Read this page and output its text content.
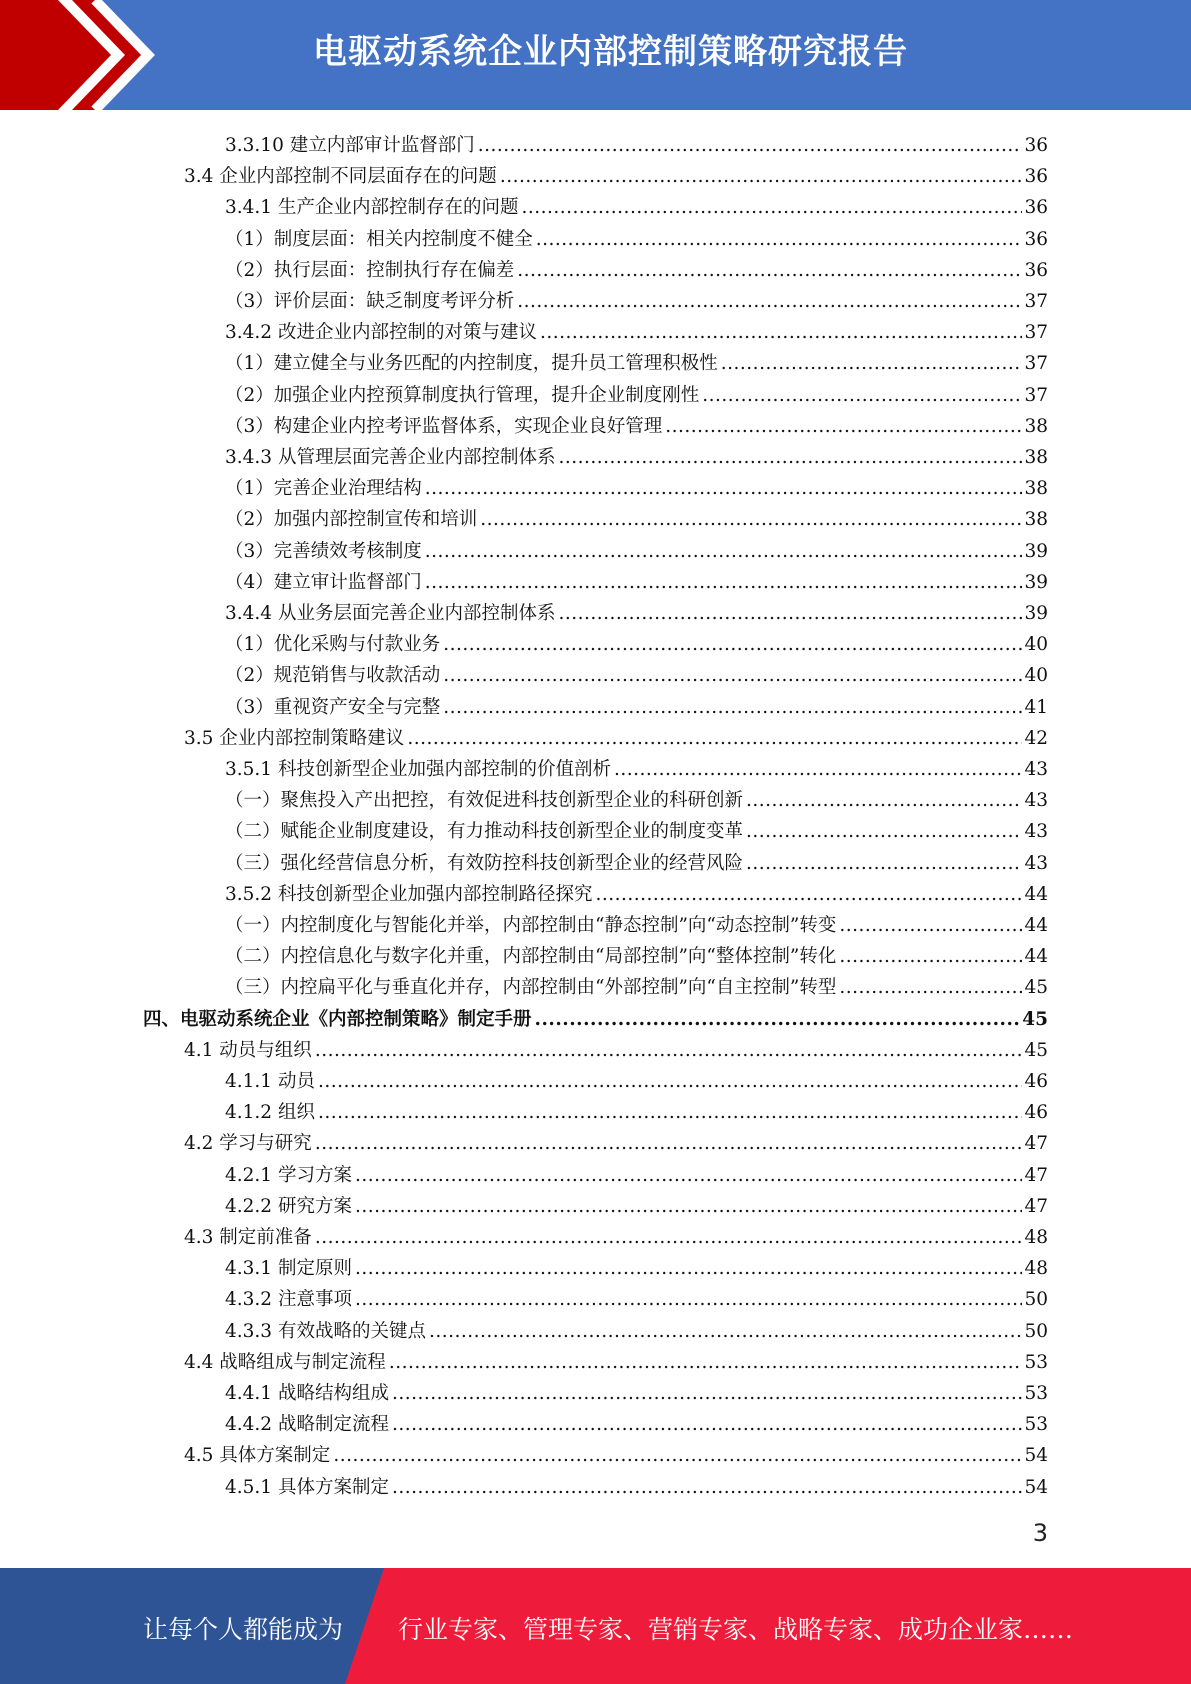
电驱动系统企业内部控制策略研究报告
3.3.10 建立内部审计监督部门 .....	36
3.4 企业内部控制不同层面存在的问题 .....	36
3.4.1 生产企业内部控制存在的问题 .....	36
（1）制度层面：相关内控制度不健全 .....	36
（2）执行层面：控制执行存在偏差 .....	36
（3）评价层面：缺乏制度考评分析 .....	37
3.4.2 改进企业内部控制的对策与建议 .....	37
（1）建立健全与业务匹配的内控制度，提升员工管理积极性 .....	37
（2）加强企业内控预算制度执行管理，提升企业制度刚性 .....	37
（3）构建企业内控考评监督体系，实现企业良好管理 .....	38
3.4.3 从管理层面完善企业内部控制体系 .....	38
（1）完善企业治理结构 .....	38
（2）加强内部控制宣传和培训 .....	38
（3）完善绩效考核制度 .....	39
（4）建立审计监督部门 .....	39
3.4.4 从业务层面完善企业内部控制体系 .....	39
（1）优化采购与付款业务 .....	40
（2）规范销售与收款活动 .....	40
（3）重视资产安全与完整 .....	41
3.5 企业内部控制策略建议 .....	42
3.5.1 科技创新型企业加强内部控制的价值剖析 .....	43
（一）聚焦投入产出把控，有效促进科技创新型企业的科研创新 .....	43
（二）赋能企业制度建设，有力推动科技创新型企业的制度变革 .....	43
（三）强化经营信息分析，有效防控科技创新型企业的经营风险 .....	43
3.5.2 科技创新型企业加强内部控制路径探究 .....	44
（一）内控制度化与智能化并举，内部控制由“静态控制”向“动态控制”转变 .....	44
（二）内控信息化与数字化并重，内部控制由“局部控制”向“整体控制”转化 .....	44
（三）内控扁平化与垂直化并存，内部控制由“外部控制”向“自主控制”转型 .....	45
四、电驱动系统企业《内部控制策略》制定手册 .....	45
4.1 动员与组织 .....	45
4.1.1 动员 .....	46
4.1.2 组织 .....	46
4.2 学习与研究 .....	47
4.2.1 学习方案 .....	47
4.2.2 研究方案 .....	47
4.3 制定前准备 .....	48
4.3.1 制定原则 .....	48
4.3.2 注意事项 .....	50
4.3.3 有效战略的关键点 .....	50
4.4 战略组成与制定流程 .....	53
4.4.1 战略结构组成 .....	53
4.4.2 战略制定流程 .....	53
4.5 具体方案制定 .....	54
4.5.1 具体方案制定 .....	54
3
让每个人都能成为 行业专家、管理专家、营销专家、战略专家、成功企业家……
